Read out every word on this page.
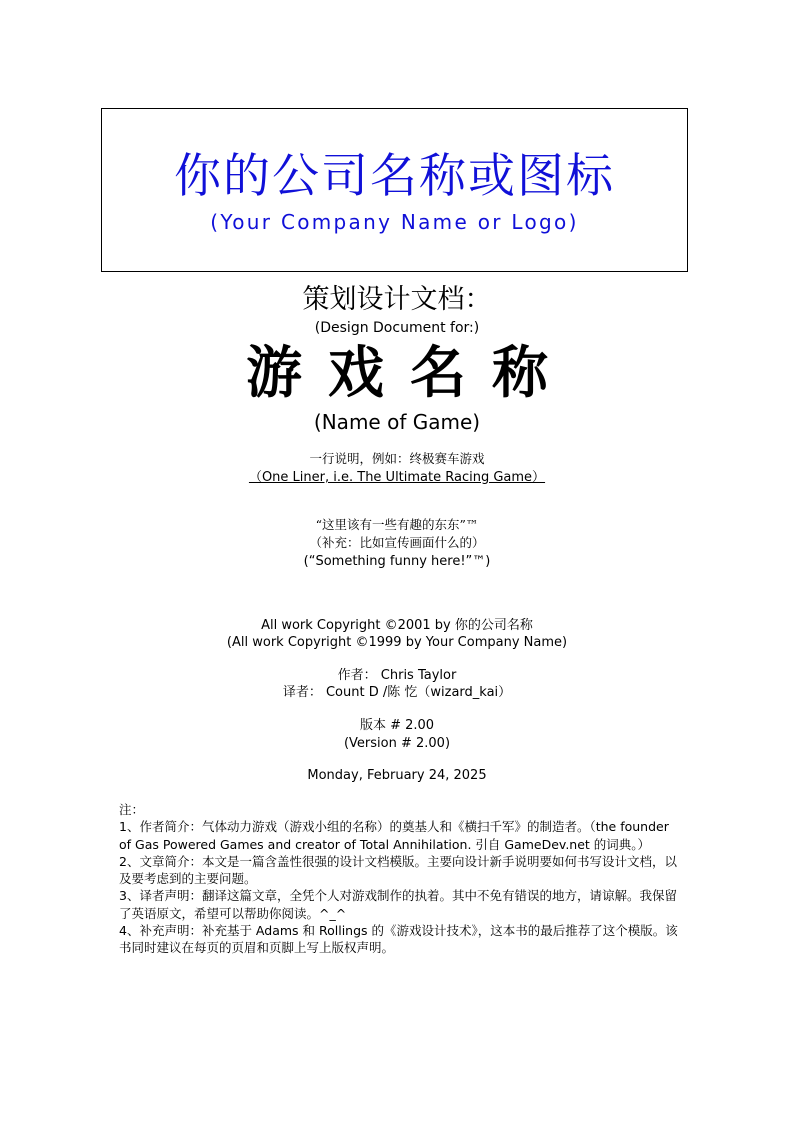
你的公司名称或图标
(Your Company Name or Logo)
策划设计文档：
(Design Document for:)
游戏名称
(Name of Game)
一行说明，例如：终极赛车游戏
（One Liner, i.e. The Ultimate Racing Game）
“这里该有一些有趣的东东”™
（补充：比如宣传画面什么的）
(“Something funny here!”™)
All work Copyright ©2001 by 你的公司名称
(All work Copyright ©1999 by Your Company Name)
作者： Chris Taylor
译者： Count D /陈 忔（wizard_kai）
版本 # 2.00
(Version # 2.00)
Monday, February 24, 2025

注：

1、作者简介：气体动力游戏（游戏小组的名称）的奠基人和《横扫千军》的制造者。（the founder of Gas Powered Games and creator of Total Annihilation. 引自 GameDev.net 的词典。）

2、文章简介：本文是一篇含盖性很强的设计文档模版。主要向设计新手说明要如何书写设计文档，以及要考虑到的主要问题。

3、译者声明：翻译这篇文章，全凭个人对游戏制作的执着。其中不免有错误的地方，请谅解。我保留了英语原文，希望可以帮助你阅读。^_^

4、补充声明：补充基于 Adams 和 Rollings 的《游戏设计技术》，这本书的最后推荐了这个模版。该书同时建议在每页的页眉和页脚上写上版权声明。
